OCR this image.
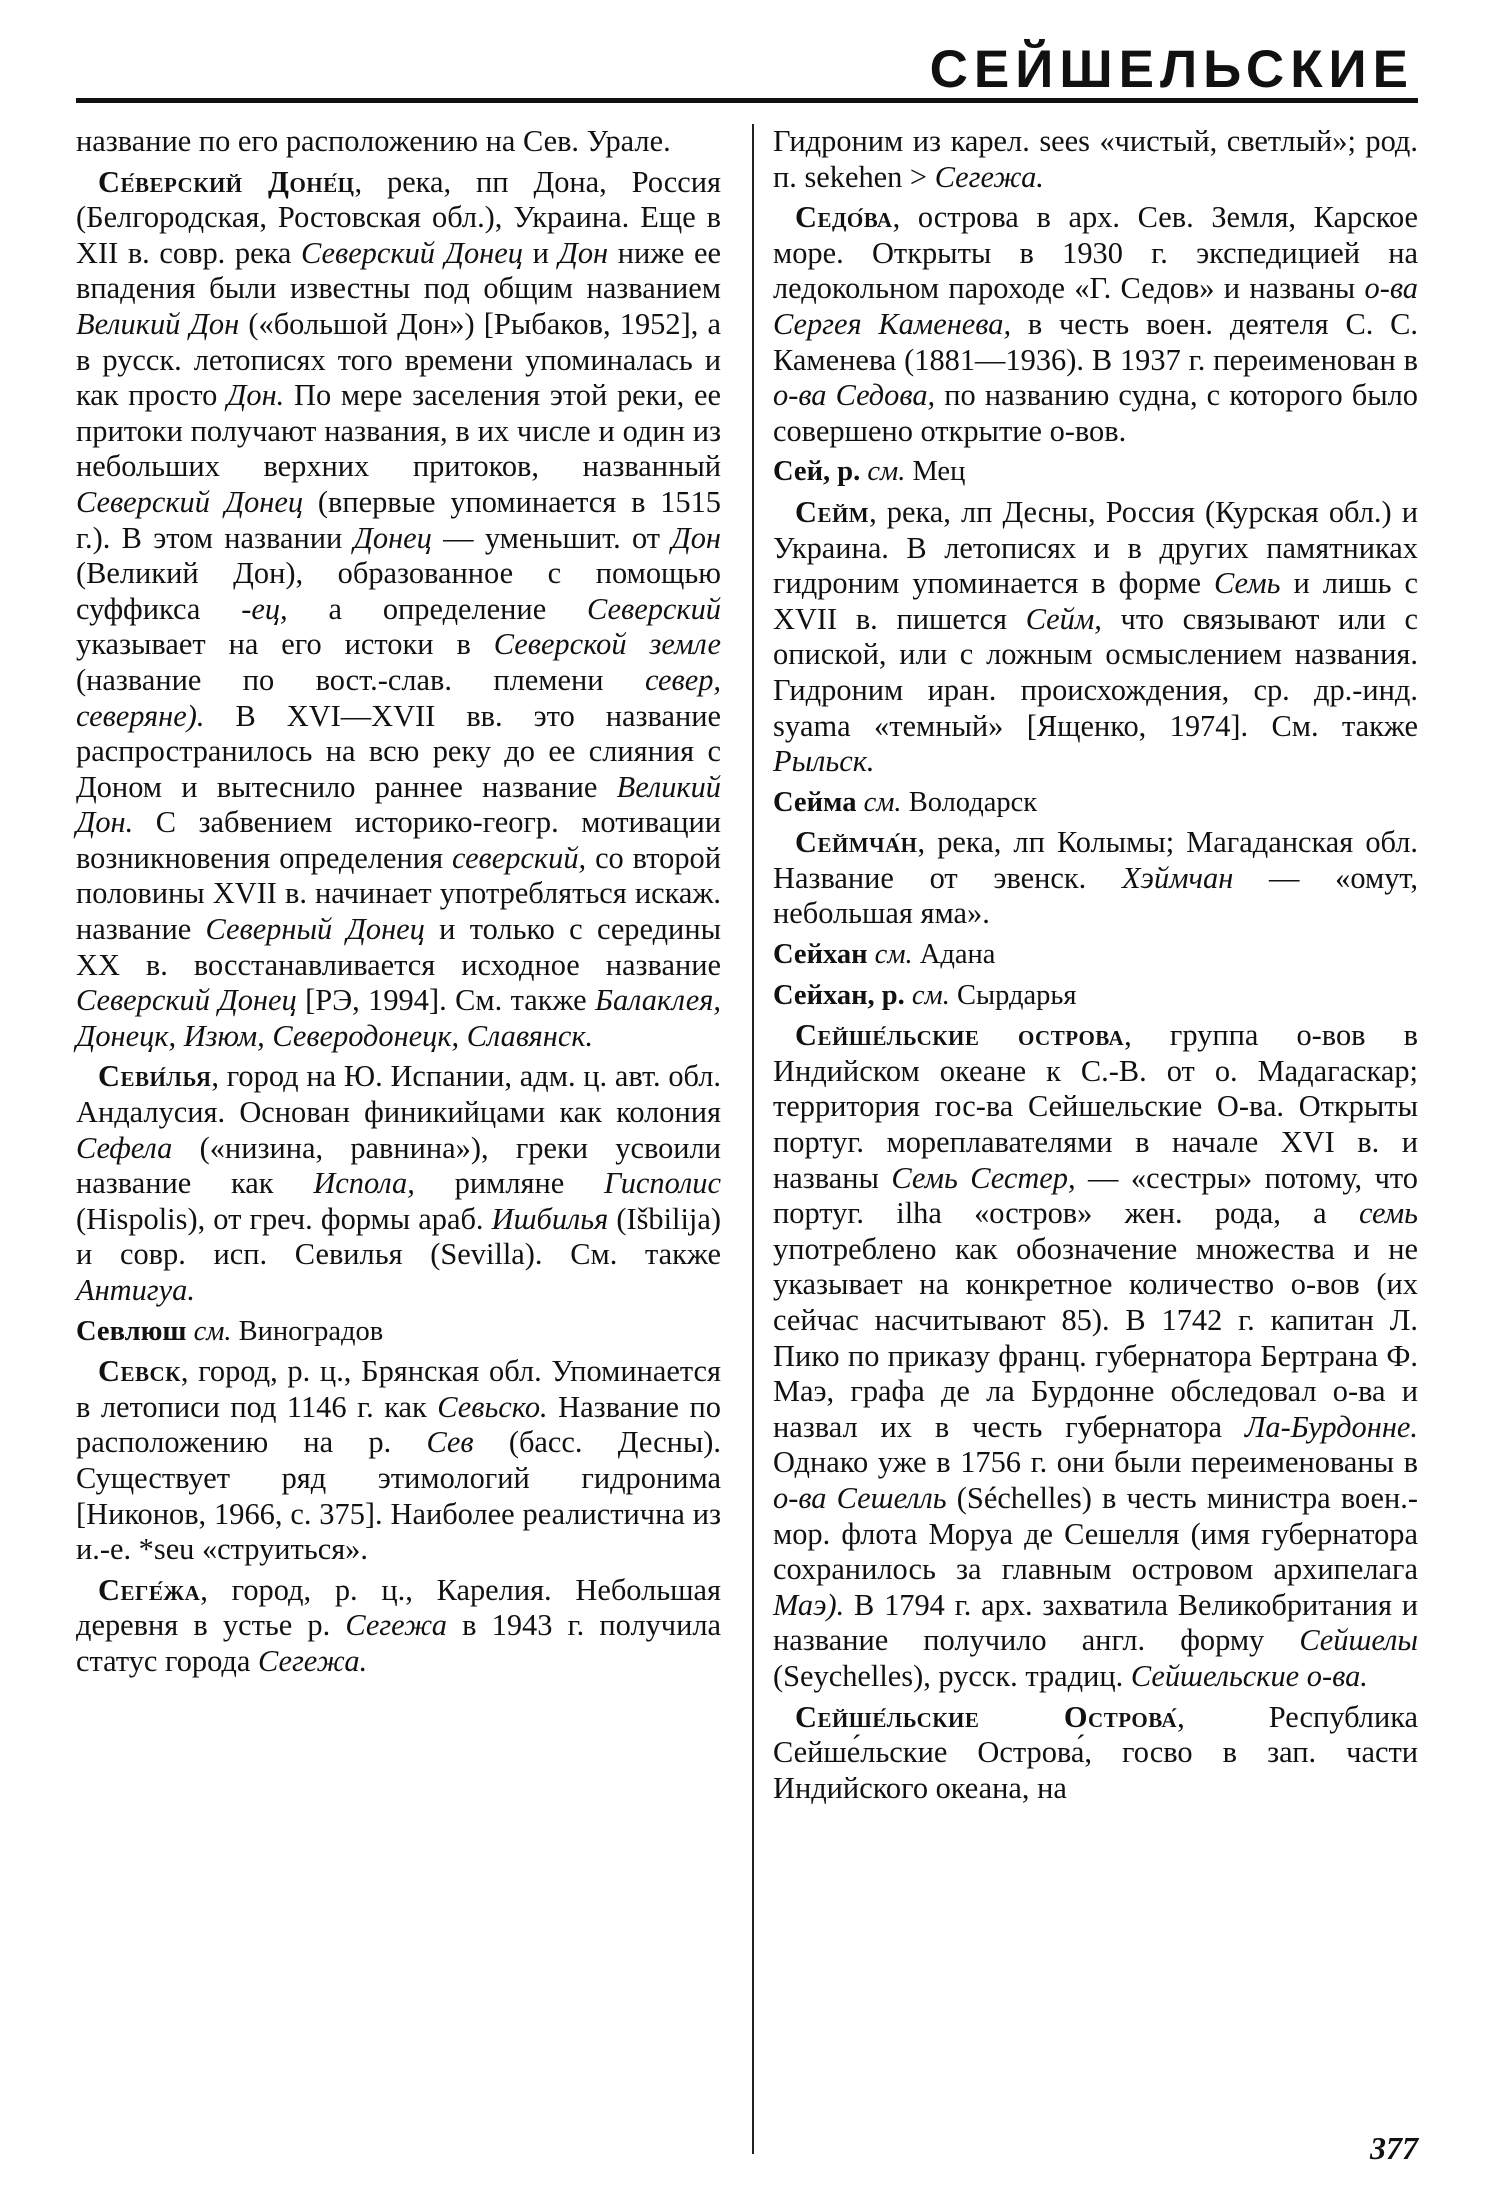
СЕЙШЕЛЬСКИЕ

название по его расположению на Сев. Урале.

Се́верский Доне́ц, река, пп Дона, Россия (Белгородская, Ростовская обл.), Украина. Еще в XII в. совр. река Северский Донец и Дон ниже ее впадения были известны под общим названием Великий Дон («большой Дон») [Рыбаков, 1952], а в русск. летописях того времени упоминалась и как просто Дон. По мере заселения этой реки, ее притоки получают названия, в их числе и один из небольших верхних притоков, названный Северский Донец (впервые упоминается в 1515 г.). В этом названии Донец — уменьшит. от Дон (Великий Дон), образованное с помощью суффикса -ец, а определение Северский указывает на его истоки в Северской земле (название по вост.-слав. племени север, северяне). В XVI—XVII вв. это название распространилось на всю реку до ее слияния с Доном и вытеснило раннее название Великий Дон. С забвением историко-геогр. мотивации возникновения определения северский, со второй половины XVII в. начинает употребляться искаж. название Северный Донец и только с середины XX в. восстанавливается исходное название Северский Донец [РЭ, 1994]. См. также Балаклея, Донецк, Изюм, Северодонецк, Славянск.

Севи́лья, город на Ю. Испании, адм. ц. авт. обл. Андалусия. Основан финикийцами как колония Сефела («низина, равнина»), греки усвоили название как Испола, римляне Гисполис (Hispolis), от греч. формы араб. Ишбилья (Išbilija) и совр. исп. Севилья (Sevilla). См. также Антигуа.

Севлюш см. Виноградов

Севск, город, р. ц., Брянская обл. Упоминается в летописи под 1146 г. как Севьско. Название по расположению на р. Сев (басс. Десны). Существует ряд этимологий гидронима [Никонов, 1966, с. 375]. Наиболее реалистична из и.-е. *seu «струиться».

Сеге́жа, город, р. ц., Карелия. Небольшая деревня в устье р. Сегежа в 1943 г. получила статус города Сегежа.

Гидроним из карел. sees «чистый, светлый»; род. п. sekehen > Сегежа.

Седо́ва, острова в арх. Сев. Земля, Карское море. Открыты в 1930 г. экспедицией на ледокольном пароходе «Г. Седов» и названы о-ва Сергея Каменева, в честь воен. деятеля С. С. Каменева (1881—1936). В 1937 г. переименован в о-ва Седова, по названию судна, с которого было совершено открытие о-вов.

Сей, р. см. Мец

Сейм, река, лп Десны, Россия (Курская обл.) и Украина. В летописях и в других памятниках гидроним упоминается в форме Семь и лишь с XVII в. пишется Сейм, что связывают или с опиской, или с ложным осмыслением названия. Гидроним иран. происхождения, ср. др.-инд. syama «темный» [Ященко, 1974]. См. также Рыльск.

Сейма см. Володарск

Сеймча́н, река, лп Колымы; Магаданская обл. Название от эвенск. Хэймчан — «омут, небольшая яма».

Сейхан см. Адана

Сейхан, р. см. Сырдарья

Сейше́льские острова, группа о-вов в Индийском океане к С.-В. от о. Мадагаскар; территория гос-ва Сейшельские О-ва. Открыты португ. мореплавателями в начале XVI в. и названы Семь Сестер, — «сестры» потому, что португ. ilha «остров» жен. рода, а семь употреблено как обозначение множества и не указывает на конкретное количество о-вов (их сейчас насчитывают 85). В 1742 г. капитан Л. Пико по приказу франц. губернатора Бертрана Ф. Маэ, графа де ла Бурдонне обследовал о-ва и назвал их в честь губернатора Ла-Бурдонне. Однако уже в 1756 г. они были переименованы в о-ва Сешелль (Séchelles) в честь министра воен.-мор. флота Моруа де Сешелля (имя губернатора сохранилось за главным островом архипелага Маэ). В 1794 г. арх. захватила Великобритания и название получило англ. форму Сейшелы (Seychelles), русск. традиц. Сейшельские о-ва.

Сейше́льские Острова́, Республика Сейше́льские Острова́, госво в зап. части Индийского океана, на

377
